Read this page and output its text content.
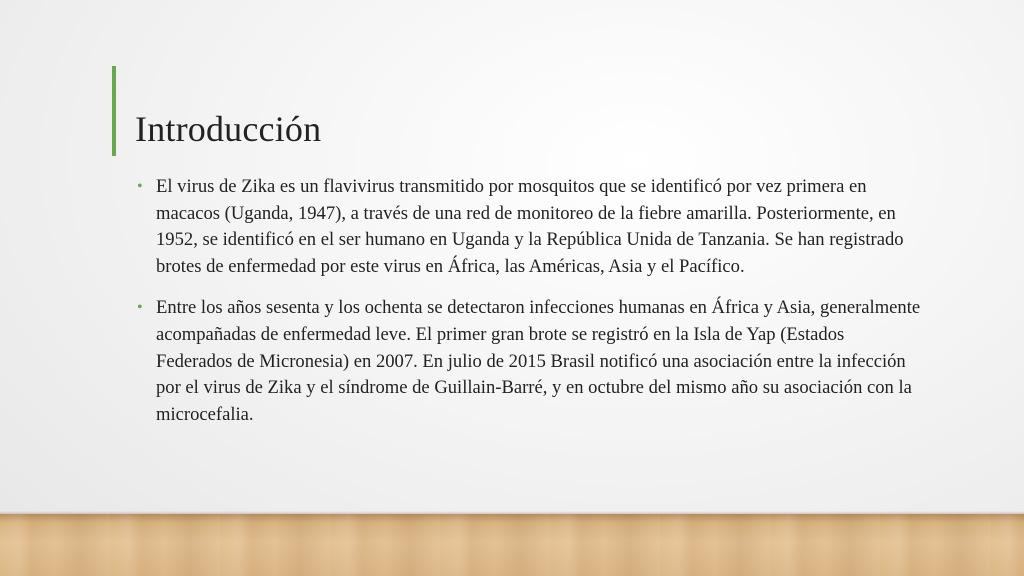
Introducción
• El virus de Zika es un flavivirus transmitido por mosquitos que se identificó por vez primera en macacos (Uganda, 1947), a través de una red de monitoreo de la fiebre amarilla. Posteriormente, en 1952, se identificó en el ser humano en Uganda y la República Unida de Tanzania. Se han registrado brotes de enfermedad por este virus en África, las Américas, Asia y el Pacífico.
• Entre los años sesenta y los ochenta se detectaron infecciones humanas en África y Asia, generalmente acompañadas de enfermedad leve. El primer gran brote se registró en la Isla de Yap (Estados Federados de Micronesia) en 2007. En julio de 2015 Brasil notificó una asociación entre la infección por el virus de Zika y el síndrome de Guillain-Barré, y en octubre del mismo año su asociación con la microcefalia.
